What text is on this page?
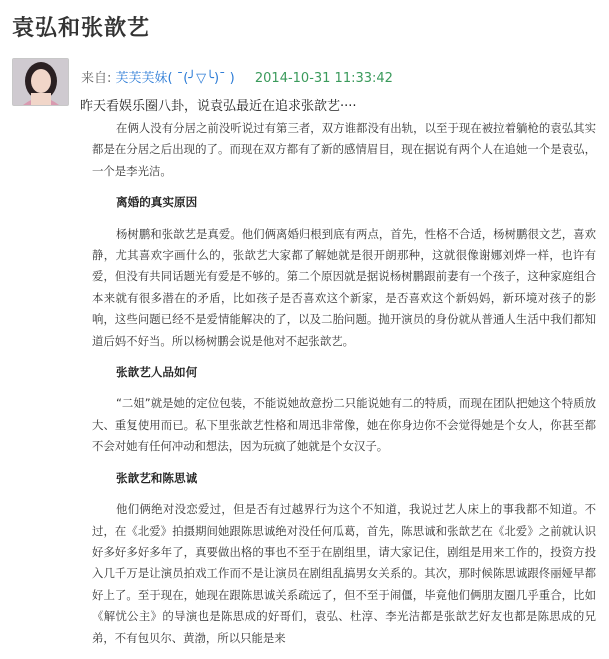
袁弘和张歆艺
来自: 芙芙芙妹( ˉ(╯▽╰)ˉ ) 2014-10-31 11:33:42
昨天看娱乐圈八卦，说袁弘最近在追求张歆艺····

在俩人没有分居之前没听说过有第三者，双方谁都没有出轨，以至于现在被拉着躺枪的袁弘其实都是在分居之后出现的了。而现在双方都有了新的感情眉目，现在据说有两个人在追她一个是袁弘，一个是李光洁。

离婚的真实原因

杨树鹏和张歆艺是真爱。他们俩离婚归根到底有两点，首先，性格不合适，杨树鹏很文艺，喜欢静，尤其喜欢字画什么的，张歆艺大家都了解她就是很开朗那种，这就很像谢娜刘烨一样，也许有爱，但没有共同话题光有爱是不够的。第二个原因就是据说杨树鹏跟前妻有一个孩子，这种家庭组合本来就有很多潜在的矛盾，比如孩子是否喜欢这个新家，是否喜欢这个新妈妈，新环境对孩子的影响，这些问题已经不是爱情能解决的了，以及二胎问题。抛开演员的身份就从普通人生活中我们都知道后妈不好当。所以杨树鹏会说是他对不起张歆艺。

张歆艺人品如何

“二姐”就是她的定位包装，不能说她故意扮二只能说她有二的特质，而现在团队把她这个特质放大、重复使用而已。私下里张歆艺性格和周迅非常像，她在你身边你不会觉得她是个女人，你甚至都不会对她有任何冲动和想法，因为玩疯了她就是个女汉子。

张歆艺和陈思诚

他们俩绝对没恋爱过，但是否有过越界行为这个不知道，我说过艺人床上的事我都不知道。不过，在《北爱》拍摄期间她跟陈思诚绝对没任何瓜葛，首先，陈思诚和张歆艺在《北爱》之前就认识好多好多好多年了，真要做出格的事也不至于在剧组里，请大家记住，剧组是用来工作的，投资方投入几千万是让演员拍戏工作而不是让演员在剧组乱搞男女关系的。其次，那时候陈思诚跟佟丽娅早都好上了。至于现在，她现在跟陈思诚关系疏远了，但不至于闹僵，毕竟他们俩朋友圈几乎重合，比如《解忧公主》的导演也是陈思成的好哥们，袁弘、杜淳、李光洁都是张歆艺好友也都是陈思成的兄弟，不有包贝尔、黄渤，所以只能是来
